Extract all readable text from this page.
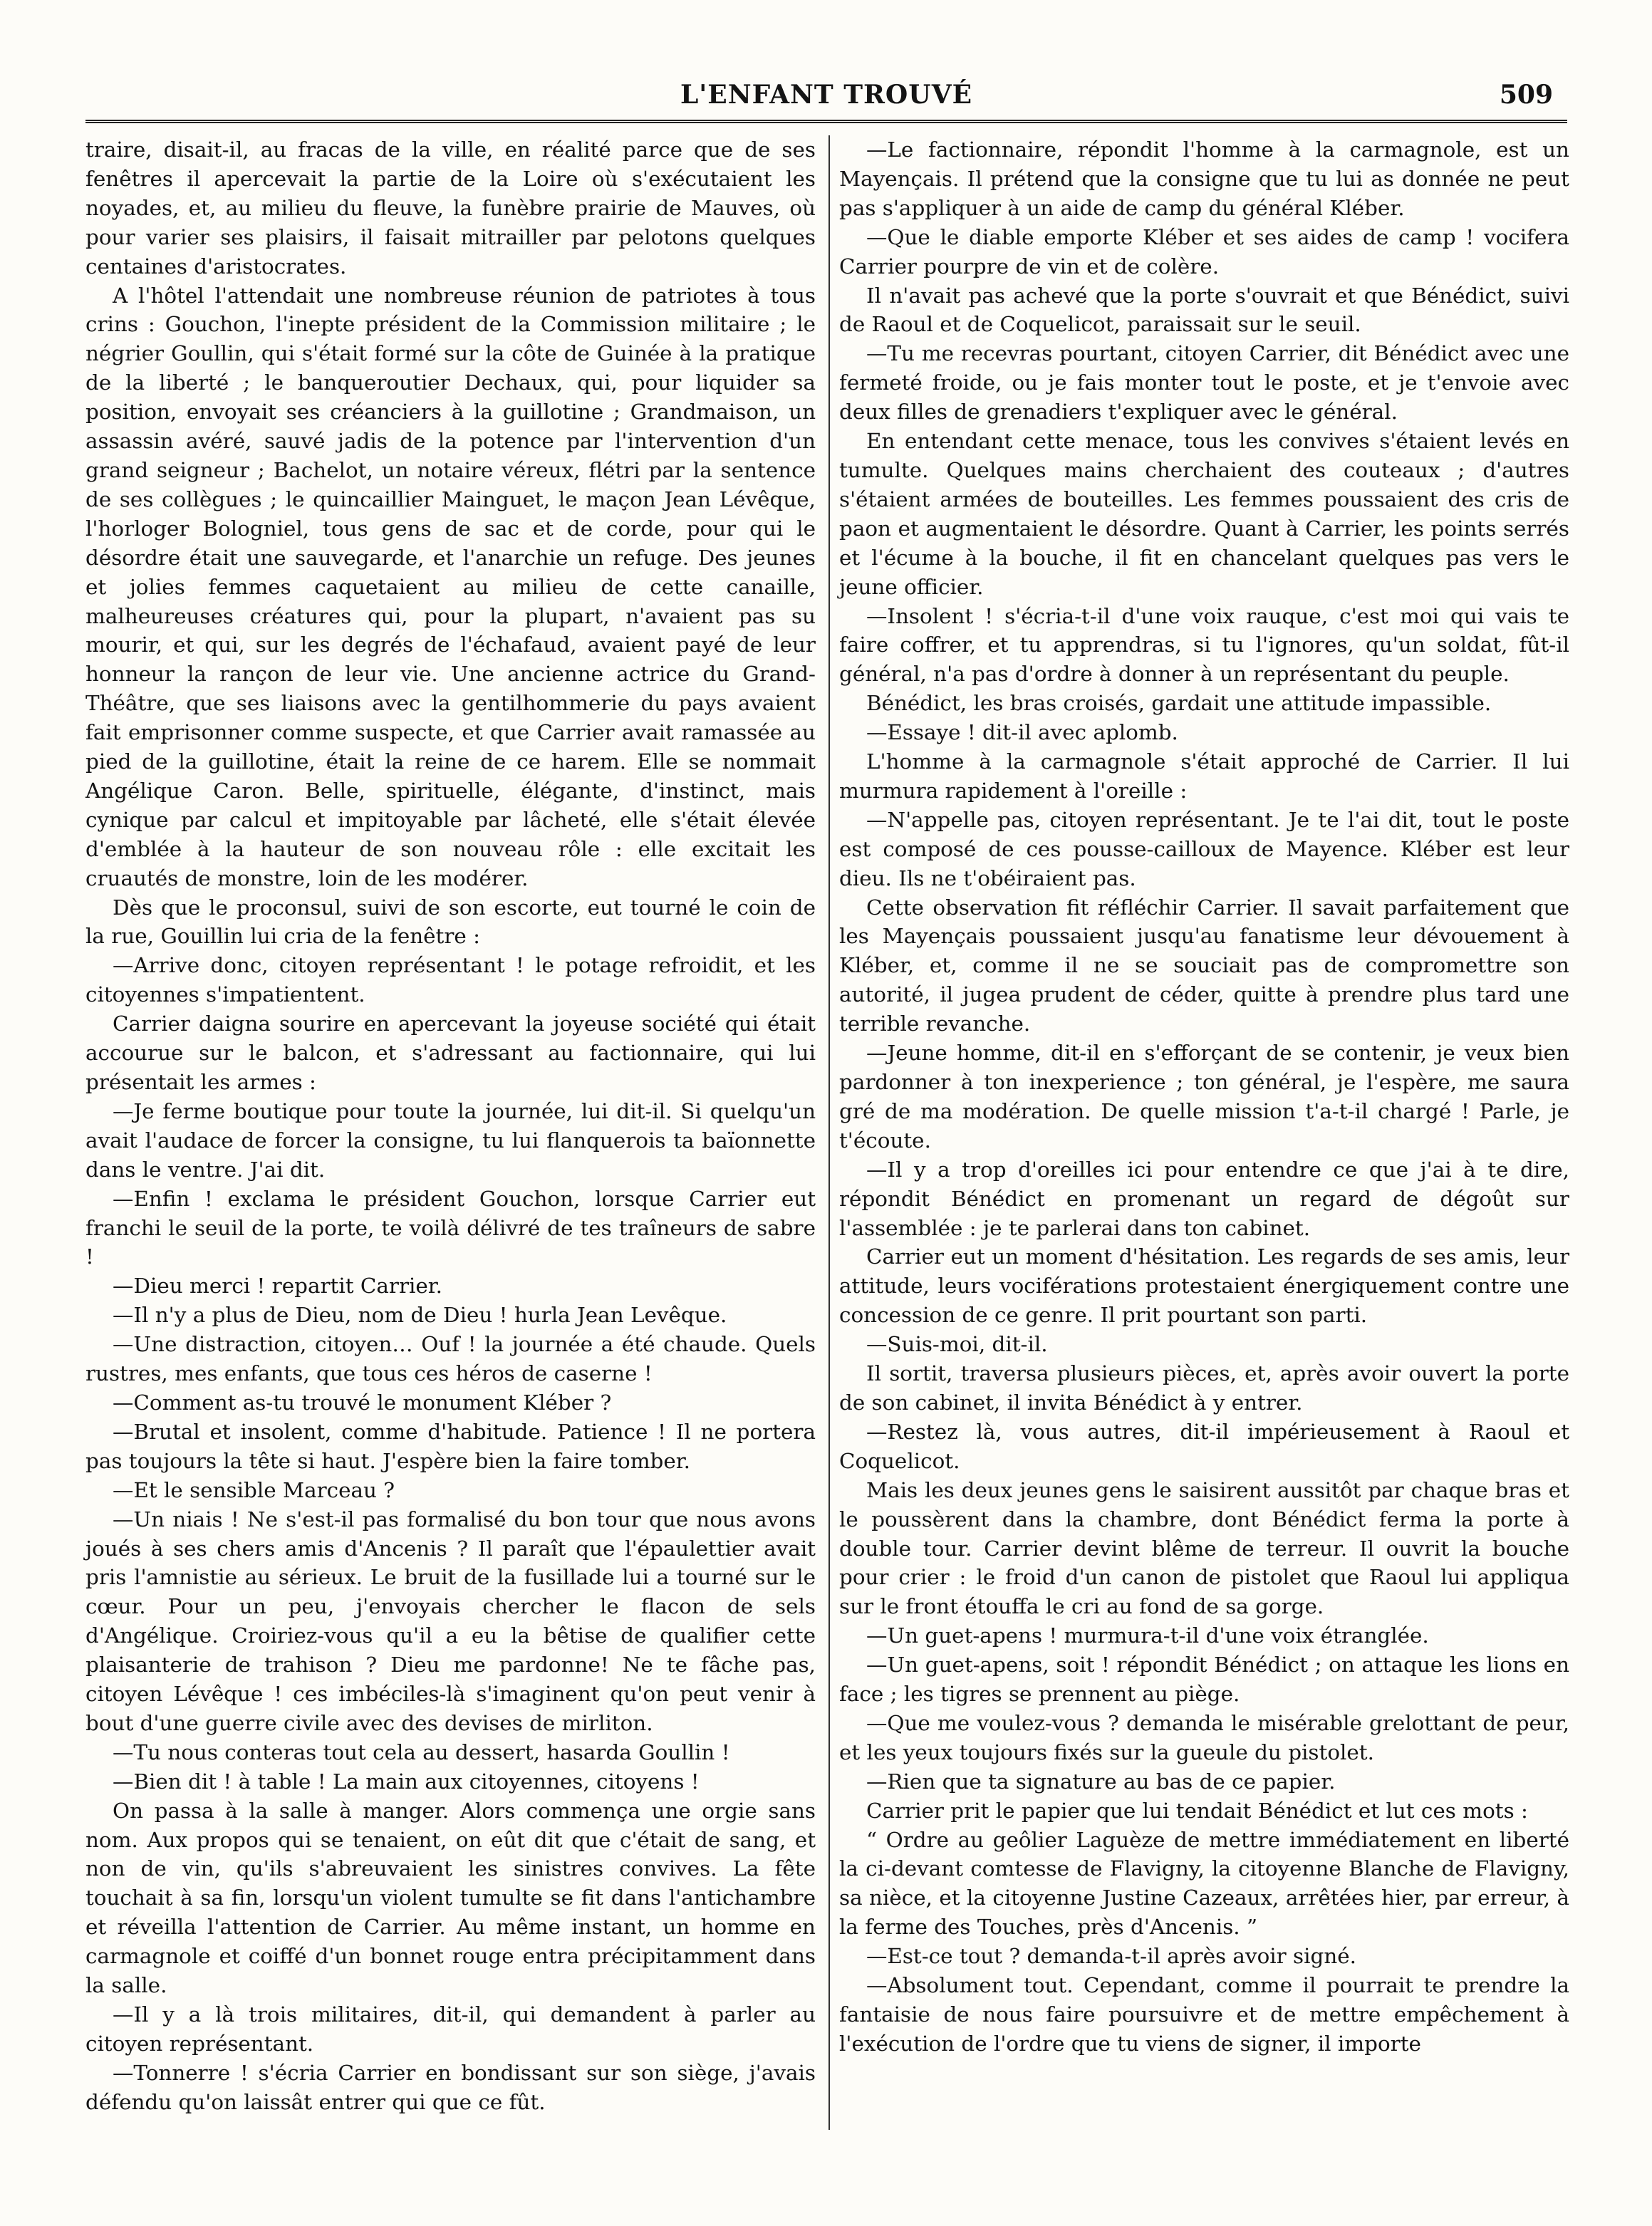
L'ENFANT TROUVÉ	509

traire, disait-il, au fracas de la ville, en réalité parce que de ses fenêtres il apercevait la partie de la Loire où s'exécutaient les noyades, et, au milieu du fleuve, la funèbre prairie de Mauves, où pour varier ses plaisirs, il faisait mitrailler par pelotons quelques centaines d'aristocrates.

A l'hôtel l'attendait une nombreuse réunion de patriotes à tous crins : Gouchon, l'inepte président de la Commission militaire ; le négrier Goullin, qui s'était formé sur la côte de Guinée à la pratique de la liberté ; le banqueroutier Dechaux, qui, pour liquider sa position, envoyait ses créanciers à la guillotine ; Grandmaison, un assassin avéré, sauvé jadis de la potence par l'intervention d'un grand seigneur ; Bachelot, un notaire véreux, flétri par la sentence de ses collègues ; le quincaillier Mainguet, le maçon Jean Lévêque, l'horloger Bologniel, tous gens de sac et de corde, pour qui le désordre était une sauvegarde, et l'anarchie un refuge. Des jeunes et jolies femmes caquetaient au milieu de cette canaille, malheureuses créatures qui, pour la plupart, n'avaient pas su mourir, et qui, sur les degrés de l'échafaud, avaient payé de leur honneur la rançon de leur vie. Une ancienne actrice du Grand-Théâtre, que ses liaisons avec la gentilhommerie du pays avaient fait emprisonner comme suspecte, et que Carrier avait ramassée au pied de la guillotine, était la reine de ce harem. Elle se nommait Angélique Caron. Belle, spirituelle, élégante, d'instinct, mais cynique par calcul et impitoyable par lâcheté, elle s'était élevée d'emblée à la hauteur de son nouveau rôle : elle excitait les cruautés de monstre, loin de les modérer.

Dès que le proconsul, suivi de son escorte, eut tourné le coin de la rue, Gouillin lui cria de la fenêtre :

—Arrive donc, citoyen représentant ! le potage refroidit, et les citoyennes s'impatientent.

Carrier daigna sourire en apercevant la joyeuse société qui était accourue sur le balcon, et s'adressant au factionnaire, qui lui présentait les armes :

—Je ferme boutique pour toute la journée, lui dit-il. Si quelqu'un avait l'audace de forcer la consigne, tu lui flanquerois ta baïonnette dans le ventre. J'ai dit.

—Enfin ! exclama le président Gouchon, lorsque Carrier eut franchi le seuil de la porte, te voilà délivré de tes traîneurs de sabre !

—Dieu merci ! repartit Carrier.

—Il n'y a plus de Dieu, nom de Dieu ! hurla Jean Levêque.

—Une distraction, citoyen… Ouf ! la journée a été chaude. Quels rustres, mes enfants, que tous ces héros de caserne !

—Comment as-tu trouvé le monument Kléber ?

—Brutal et insolent, comme d'habitude. Patience ! Il ne portera pas toujours la tête si haut. J'espère bien la faire tomber.

—Et le sensible Marceau ?

—Un niais ! Ne s'est-il pas formalisé du bon tour que nous avons joués à ses chers amis d'Ancenis ? Il paraît que l'épaulettier avait pris l'amnistie au sérieux. Le bruit de la fusillade lui a tourné sur le cœur. Pour un peu, j'envoyais chercher le flacon de sels d'Angélique. Croiriez-vous qu'il a eu la bêtise de qualifier cette plaisanterie de trahison ? Dieu me pardonne! Ne te fâche pas, citoyen Lévêque ! ces imbéciles-là s'imaginent qu'on peut venir à bout d'une guerre civile avec des devises de mirliton.

—Tu nous conteras tout cela au dessert, hasarda Goullin !

—Bien dit ! à table ! La main aux citoyennes, citoyens !

On passa à la salle à manger. Alors commença une orgie sans nom. Aux propos qui se tenaient, on eût dit que c'était de sang, et non de vin, qu'ils s'abreuvaient les sinistres convives. La fête touchait à sa fin, lorsqu'un violent tumulte se fit dans l'antichambre et réveilla l'attention de Carrier. Au même instant, un homme en carmagnole et coiffé d'un bonnet rouge entra précipitamment dans la salle.

—Il y a là trois militaires, dit-il, qui demandent à parler au citoyen représentant.

—Tonnerre ! s'écria Carrier en bondissant sur son siège, j'avais défendu qu'on laissât entrer qui que ce fût.

—Le factionnaire, répondit l'homme à la carmagnole, est un Mayençais. Il prétend que la consigne que tu lui as donnée ne peut pas s'appliquer à un aide de camp du général Kléber.

—Que le diable emporte Kléber et ses aides de camp ! vocifera Carrier pourpre de vin et de colère.

Il n'avait pas achevé que la porte s'ouvrait et que Bénédict, suivi de Raoul et de Coquelicot, paraissait sur le seuil.

—Tu me recevras pourtant, citoyen Carrier, dit Bénédict avec une fermeté froide, ou je fais monter tout le poste, et je t'envoie avec deux filles de grenadiers t'expliquer avec le général.

En entendant cette menace, tous les convives s'étaient levés en tumulte. Quelques mains cherchaient des couteaux ; d'autres s'étaient armées de bouteilles. Les femmes poussaient des cris de paon et augmentaient le désordre. Quant à Carrier, les points serrés et l'écume à la bouche, il fit en chancelant quelques pas vers le jeune officier.

—Insolent ! s'écria-t-il d'une voix rauque, c'est moi qui vais te faire coffrer, et tu apprendras, si tu l'ignores, qu'un soldat, fût-il général, n'a pas d'ordre à donner à un représentant du peuple.

Bénédict, les bras croisés, gardait une attitude impassible.

—Essaye ! dit-il avec aplomb.

L'homme à la carmagnole s'était approché de Carrier. Il lui murmura rapidement à l'oreille :

—N'appelle pas, citoyen représentant. Je te l'ai dit, tout le poste est composé de ces pousse-cailloux de Mayence. Kléber est leur dieu. Ils ne t'obéiraient pas.

Cette observation fit réfléchir Carrier. Il savait parfaitement que les Mayençais poussaient jusqu'au fanatisme leur dévouement à Kléber, et, comme il ne se souciait pas de compromettre son autorité, il jugea prudent de céder, quitte à prendre plus tard une terrible revanche.

—Jeune homme, dit-il en s'efforçant de se contenir, je veux bien pardonner à ton inexperience ; ton général, je l'espère, me saura gré de ma modération. De quelle mission t'a-t-il chargé ! Parle, je t'écoute.

—Il y a trop d'oreilles ici pour entendre ce que j'ai à te dire, répondit Bénédict en promenant un regard de dégoût sur l'assemblée : je te parlerai dans ton cabinet.

Carrier eut un moment d'hésitation. Les regards de ses amis, leur attitude, leurs vociférations protestaient énergiquement contre une concession de ce genre. Il prit pourtant son parti.

—Suis-moi, dit-il.

Il sortit, traversa plusieurs pièces, et, après avoir ouvert la porte de son cabinet, il invita Bénédict à y entrer.

—Restez là, vous autres, dit-il impérieusement à Raoul et Coquelicot.

Mais les deux jeunes gens le saisirent aussitôt par chaque bras et le poussèrent dans la chambre, dont Bénédict ferma la porte à double tour. Carrier devint blême de terreur. Il ouvrit la bouche pour crier : le froid d'un canon de pistolet que Raoul lui appliqua sur le front étouffa le cri au fond de sa gorge.

—Un guet-apens ! murmura-t-il d'une voix étranglée.

—Un guet-apens, soit ! répondit Bénédict ; on attaque les lions en face ; les tigres se prennent au piège.

—Que me voulez-vous ? demanda le misérable grelottant de peur, et les yeux toujours fixés sur la gueule du pistolet.

—Rien que ta signature au bas de ce papier.

Carrier prit le papier que lui tendait Bénédict et lut ces mots :

“ Ordre au geôlier Laguèze de mettre immédiatement en liberté la ci-devant comtesse de Flavigny, la citoyenne Blanche de Flavigny, sa nièce, et la citoyenne Justine Cazeaux, arrêtées hier, par erreur, à la ferme des Touches, près d'Ancenis. ”

—Est-ce tout ? demanda-t-il après avoir signé.

—Absolument tout. Cependant, comme il pourrait te prendre la fantaisie de nous faire poursuivre et de mettre empêchement à l'exécution de l'ordre que tu viens de signer, il importe
